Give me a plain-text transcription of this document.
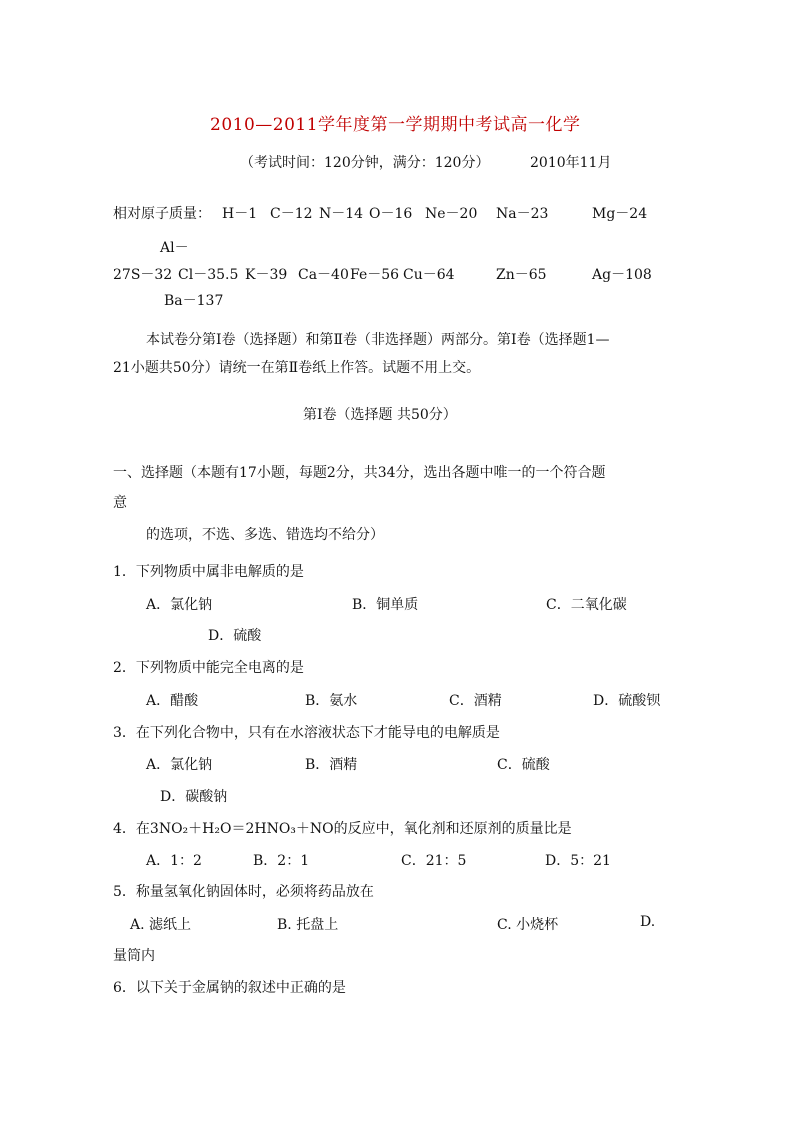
2010—2011学年度第一学期期中考试高一化学
（考试时间：120分钟，满分：120分）	2010年11月
相对原子质量： H－1 C－12 N－14 O－16 Ne－20 Na－23	Mg－24
Al－
27S－32 Cl－35.5 K－39 Ca－40 Fe－56 Cu－64	Zn－65	Ag－108
Ba－137
本试卷分第Ⅰ卷（选择题）和第Ⅱ卷（非选择题）两部分。第Ⅰ卷（选择题1—
21小题共50分）请统一在第Ⅱ卷纸上作答。试题不用上交。
第Ⅰ卷（选择题 共50分）
一、选择题（本题有17小题，每题2分，共34分，选出各题中唯一的一个符合题
意
的选项，不选、多选、错选均不给分）
1．下列物质中属非电解质的是
A．氯化钠	B．铜单质	C．二氧化碳
D．硫酸
2．下列物质中能完全电离的是
A．醋酸	B．氨水	C．酒精	D．硫酸钡
3．在下列化合物中，只有在水溶液状态下才能导电的电解质是
A．氯化钠	B．酒精	C．硫酸
D．碳酸钠
4．在3NO₂＋H₂O＝2HNO₃＋NO的反应中，氧化剂和还原剂的质量比是
A．1：2	B．2：1	C．21：5	D．5：21
5．称量氢氧化钠固体时，必须将药品放在
A. 滤纸上	B. 托盘上	C. 小烧杯	D.
量筒内
6．以下关于金属钠的叙述中正确的是
